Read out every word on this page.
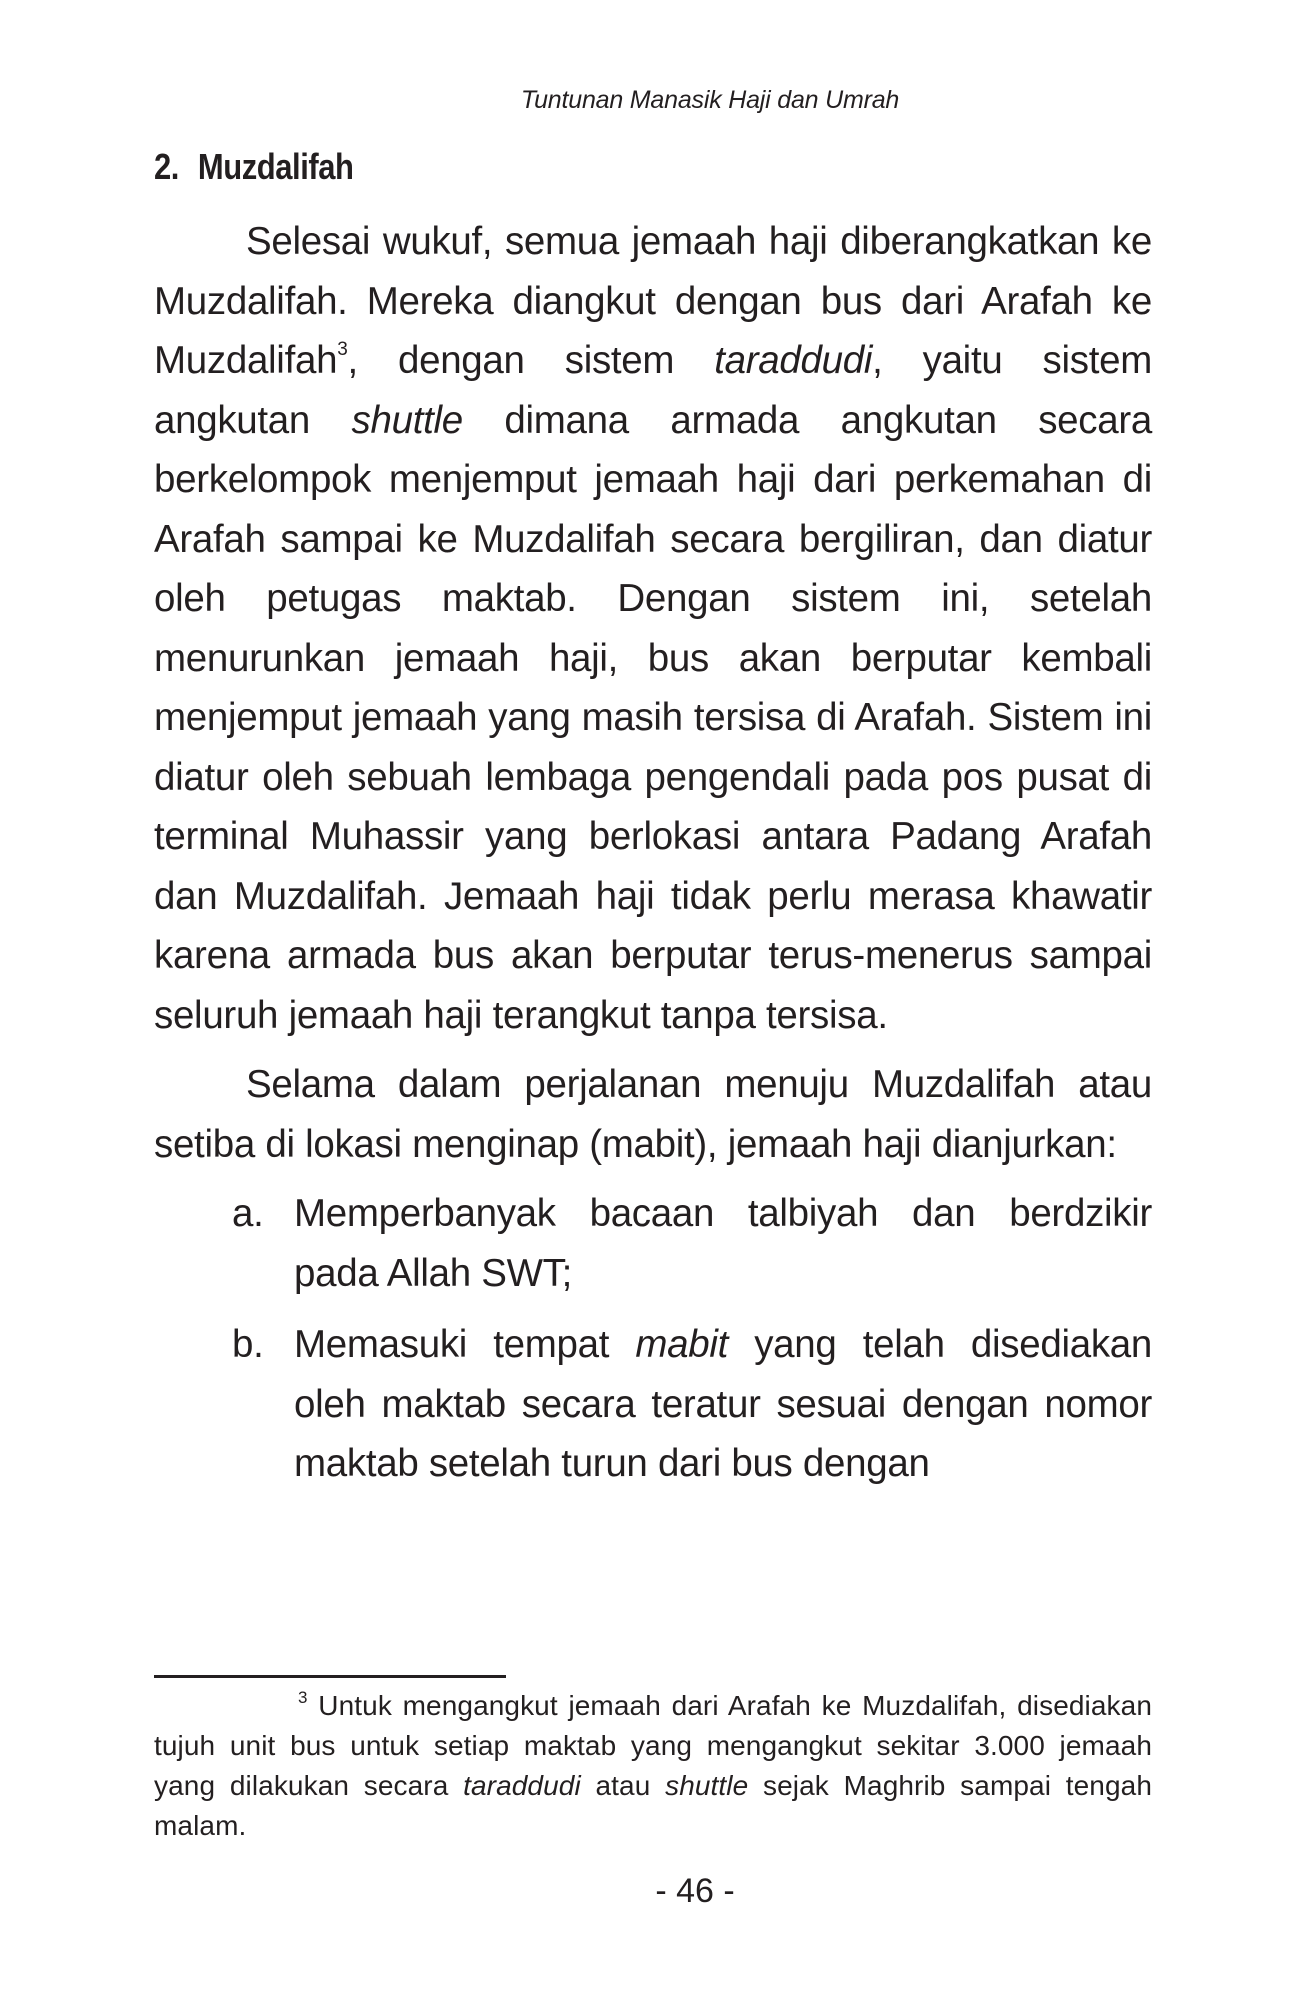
Tuntunan Manasik Haji dan Umrah
2. Muzdalifah

Selesai wukuf, semua jemaah haji diberangkatkan ke Muzdalifah. Mereka diangkut dengan bus dari Arafah ke Muzdalifah$^3$, dengan sistem taraddudi, yaitu sistem angkutan shuttle dimana armada angkutan secara berkelompok menjemput jemaah haji dari perkemahan di Arafah sampai ke Muzdalifah secara bergiliran, dan diatur oleh petugas maktab. Dengan sistem ini, setelah menurunkan jemaah haji, bus akan berputar kembali menjemput jemaah yang masih tersisa di Arafah. Sistem ini diatur oleh sebuah lembaga pengendali pada pos pusat di terminal Muhassir yang berlokasi antara Padang Arafah dan Muzdalifah. Jemaah haji tidak perlu merasa khawatir karena armada bus akan berputar terus-menerus sampai seluruh jemaah haji terangkut tanpa tersisa.

Selama dalam perjalanan menuju Muzdalifah atau setiba di lokasi menginap (mabit), jemaah haji dianjurkan:

a. Memperbanyak bacaan talbiyah dan berdzikir pada Allah SWT;
b. Memasuki tempat mabit yang telah disediakan oleh maktab secara teratur sesuai dengan nomor maktab setelah turun dari bus dengan
$^3$ Untuk mengangkut jemaah dari Arafah ke Muzdalifah, disediakan tujuh unit bus untuk setiap maktab yang mengangkut sekitar 3.000 jemaah yang dilakukan secara taraddudi atau shuttle sejak Maghrib sampai tengah malam.
- 46 -
